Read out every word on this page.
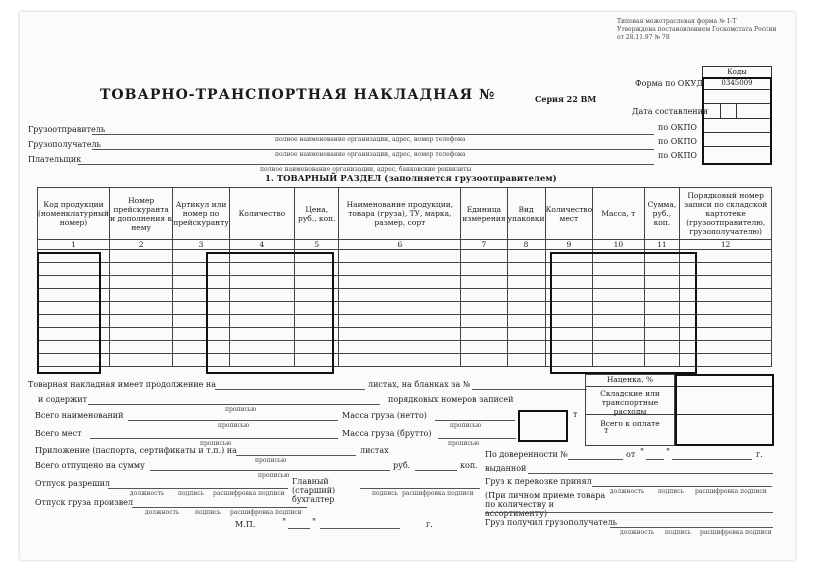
Типовая межотраслевая форма № 1-Т
Утверждена постановлением Госкомстата России
от 28.11.97 № 78
Коды
0345009
Форма по ОКУД
Дата составления
по ОКПО
по ОКПО
по ОКПО
ТОВАРНО-ТРАНСПОРТНАЯ НАКЛАДНАЯ №	Серия 22 ВМ
Грузоотправитель
полное наименование организации, адрес, номер телефона
Грузополучатель
полное наименование организации, адрес, номер телефона
Плательщик
полное наименование организации, адрес, банковские реквизиты
1. ТОВАРНЫЙ РАЗДЕЛ (заполняется грузоотправителем)
Код продукции (номенклатурный номер)	Номер прейскуранта и дополнения к нему	Артикул или номер по прейскуранту	Количество	Цена, руб., коп.	Наименование продукции, товара (груза), ТУ, марка, размер, сорт	Единица измерения	Вид упаковки	Количество мест	Масса, т	Сумма, руб., коп.	Порядковый номер записи по складской картотеке (грузоотправителю, грузополучателю)
1	2	3	4	5	6	7	8	9	10	11	12

Товарная накладная имеет продолжение на	листах, на бланках за №
и содержит	порядковых номеров записей
прописью
Всего наименований	Масса груза (нетто)
прописью	прописью
Всего мест	Масса груза (брутто)
прописью	прописью
т
т
Приложение (паспорта, сертификаты и т.п.) на	листах
прописью
Всего отпущено на сумму	руб.	коп.
прописью
Отпуск разрешил
должность подпись расшифровка подписи
Главный (старший) бухгалтер
подпись расшифровка подписи
Отпуск груза произвел
должность	подпись расшифровка подписи
М.П.	"	"	г.
Наценка, %
Складские или транспортные расходы
Всего к оплате
По доверенности №	от " "	г.
выданной
Груз к перевозке принял
должность подпись расшифровка подписи
(При личном приеме товара по количеству и ассортименту)
Груз получил грузополучатель
должность подпись расшифровка подписи
